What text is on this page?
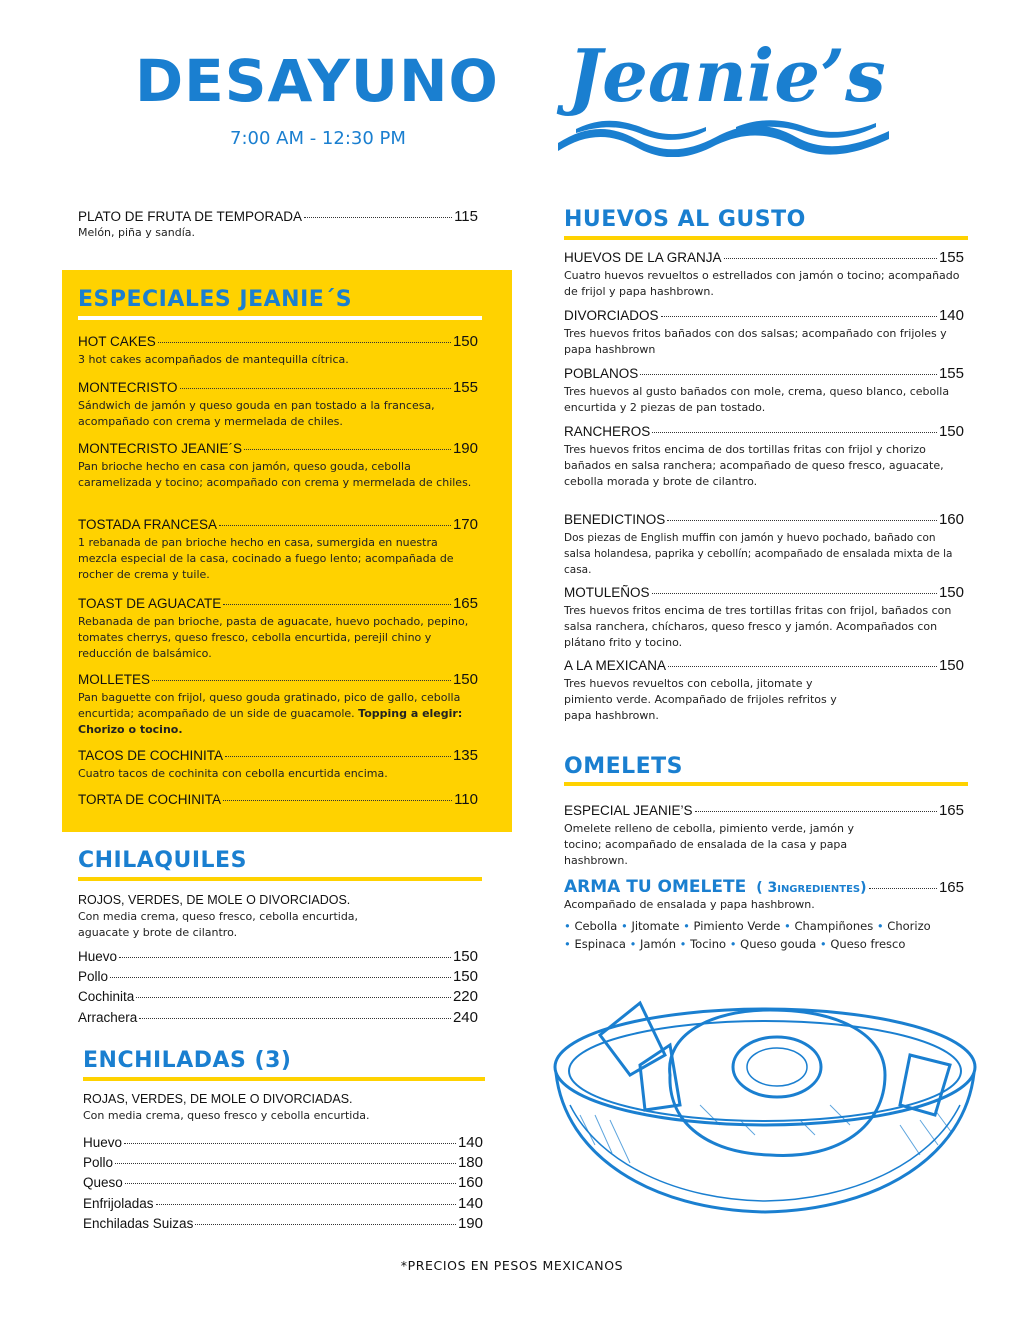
DESAYUNO
7:00 AM - 12:30 PM
Jeanie’s
PLATO DE FRUTA DE TEMPORADA	115
Melón, piña y sandía.
ESPECIALES JEANIE´S
HOT CAKES	150
3 hot cakes acompañados de mantequilla cítrica.
MONTECRISTO	155
Sándwich de jamón y queso gouda en pan tostado a la francesa, acompañado con crema y mermelada de chiles.
MONTECRISTO JEANIE´S	190
Pan brioche hecho en casa con jamón, queso gouda, cebolla caramelizada y tocino; acompañado con crema y mermelada de chiles.
TOSTADA FRANCESA	170
1 rebanada de pan brioche hecho en casa, sumergida en nuestra mezcla especial de la casa, cocinado a fuego lento; acompañada de rocher de crema y tuile.
TOAST DE AGUACATE	165
Rebanada de pan brioche, pasta de aguacate, huevo pochado, pepino, tomates cherrys, queso fresco, cebolla encurtida, perejil chino y reducción de balsámico.
MOLLETES	150
Pan baguette con frijol, queso gouda gratinado, pico de gallo, cebolla encurtida; acompañado de un side de guacamole. Topping a elegir: Chorizo o tocino.
TACOS DE COCHINITA	135
Cuatro tacos de cochinita con cebolla encurtida encima.
TORTA DE COCHINITA	110
CHILAQUILES
ROJOS, VERDES, DE MOLE O DIVORCIADOS.
Con media crema, queso fresco, cebolla encurtida, aguacate y brote de cilantro.
Huevo	150
Pollo	150
Cochinita	220
Arrachera	240
ENCHILADAS (3)
ROJAS, VERDES, DE MOLE O DIVORCIADAS.
Con media crema, queso fresco y cebolla encurtida.
Huevo	140
Pollo	180
Queso	160
Enfrijoladas	140
Enchiladas Suizas	190
HUEVOS AL GUSTO
HUEVOS DE LA GRANJA	155
Cuatro huevos revueltos o estrellados con jamón o tocino; acompañado de frijol y papa hashbrown.
DIVORCIADOS	140
Tres huevos fritos bañados con dos salsas; acompañado con frijoles y papa hashbrown
POBLANOS	155
Tres huevos al gusto bañados con mole, crema, queso blanco, cebolla encurtida y 2 piezas de pan tostado.
RANCHEROS	150
Tres huevos fritos encima de dos tortillas fritas con frijol y chorizo bañados en salsa ranchera; acompañado de queso fresco, aguacate, cebolla morada y brote de cilantro.
BENEDICTINOS	160
Dos piezas de English muffin con jamón y huevo pochado, bañado con salsa holandesa, paprika y cebollín; acompañado de ensalada mixta de la casa.
MOTULEÑOS	150
Tres huevos fritos encima de tres tortillas fritas con frijol, bañados con salsa ranchera, chícharos, queso fresco y jamón. Acompañados con plátano frito y tocino.
A LA MEXICANA	150
Tres huevos revueltos con cebolla, jitomate y pimiento verde. Acompañado de frijoles refritos y papa hashbrown.
OMELETS
ESPECIAL JEANIE’S	165
Omelete relleno de cebolla, pimiento verde, jamón y tocino; acompañado de ensalada de la casa y papa hashbrown.
ARMA TU OMELETE ( 3 INGREDIENTES )	165
Acompañado de ensalada y papa hashbrown.
• Cebolla • Jitomate • Pimiento Verde • Champiñones • Chorizo
• Espinaca • Jamón • Tocino • Queso gouda • Queso fresco
*PRECIOS EN PESOS MEXICANOS
